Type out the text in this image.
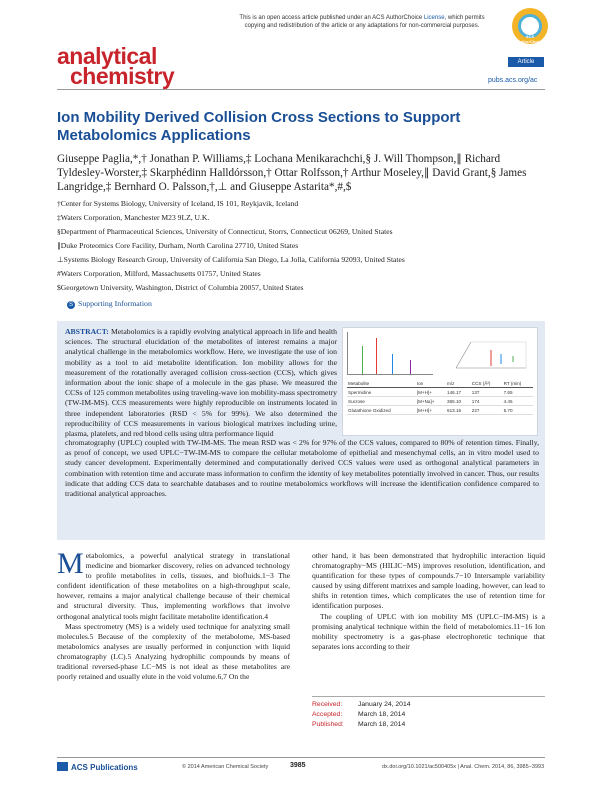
This is an open access article published under an ACS AuthorChoice License, which permits copying and redistribution of the article or any adaptations for non-commercial purposes.
ACS AuthorChoice
analytical
chemistry
Article
pubs.acs.org/ac
Ion Mobility Derived Collision Cross Sections to Support Metabolomics Applications
Giuseppe Paglia,*,† Jonathan P. Williams,‡ Lochana Menikarachchi,§ J. Will Thompson,∥ Richard Tyldesley-Worster,‡ Skarphédinn Halldórsson,† Ottar Rolfsson,† Arthur Moseley,∥ David Grant,§ James Langridge,‡ Bernhard O. Palsson,†,⊥ and Giuseppe Astarita*,#,$
†Center for Systems Biology, University of Iceland, IS 101, Reykjavik, Iceland
‡Waters Corporation, Manchester M23 9LZ, U.K.
§Department of Pharmaceutical Sciences, University of Connecticut, Storrs, Connecticut 06269, United States
∥Duke Proteomics Core Facility, Durham, North Carolina 27710, United States
⊥Systems Biology Research Group, University of California San Diego, La Jolla, California 92093, United States
#Waters Corporation, Milford, Massachusetts 01757, United States
$Georgetown University, Washington, District of Columbia 20057, United States
S Supporting Information
ABSTRACT: Metabolomics is a rapidly evolving analytical approach in life and health sciences. The structural elucidation of the metabolites of interest remains a major analytical challenge in the metabolomics workflow. Here, we investigate the use of ion mobility as a tool to aid metabolite identification. Ion mobility allows for the measurement of the rotationally averaged collision cross-section (CCS), which gives information about the ionic shape of a molecule in the gas phase. We measured the CCSs of 125 common metabolites using traveling-wave ion mobility-mass spectrometry (TW-IM-MS). CCS measurements were highly reproducible on instruments located in three independent laboratories (RSD < 5% for 99%). We also determined the reproducibility of CCS measurements in various biological matrixes including urine, plasma, platelets, and red blood cells using ultra performance liquid
Metabolite	Ion	m/z	CCS (Å²)	RT (min)
Spermidine	[M+H]+	146.17	137	7.65
Sucrose	[M+Na]+	365.10	174	4.45
Glutathione Oxidized	[M+H]+	613.16	227	5.70
chromatography (UPLC) coupled with TW-IM-MS. The mean RSD was < 2% for 97% of the CCS values, compared to 80% of retention times. Finally, as proof of concept, we used UPLC−TW-IM-MS to compare the cellular metabolome of epithelial and mesenchymal cells, an in vitro model used to study cancer development. Experimentally determined and computationally derived CCS values were used as orthogonal analytical parameters in combination with retention time and accurate mass information to confirm the identity of key metabolites potentially involved in cancer. Thus, our results indicate that adding CCS data to searchable databases and to routine metabolomics workflows will increase the identification confidence compared to traditional analytical approaches.

Metabolomics, a powerful analytical strategy in translational medicine and biomarker discovery, relies on advanced technology to profile metabolites in cells, tissues, and biofluids.1−3 The confident identification of these metabolites on a high-throughput scale, however, remains a major analytical challenge because of their chemical and structural diversity. Thus, implementing workflows that involve orthogonal analytical tools might facilitate metabolite identification.4

Mass spectrometry (MS) is a widely used technique for analyzing small molecules.5 Because of the complexity of the metabolome, MS-based metabolomics analyses are usually performed in conjunction with liquid chromatography (LC).5 Analyzing hydrophilic compounds by means of traditional reversed-phase LC−MS is not ideal as these metabolites are poorly retained and usually elute in the void volume.6,7 On the

other hand, it has been demonstrated that hydrophilic interaction liquid chromatography−MS (HILIC−MS) improves resolution, identification, and quantification for these types of compounds.7−10 Intersample variability caused by using different matrixes and sample loading, however, can lead to shifts in retention times, which complicates the use of retention time for identification purposes.

The coupling of UPLC with ion mobility MS (UPLC−IM-MS) is a promising analytical technique within the field of metabolomics.11−16 Ion mobility spectrometry is a gas-phase electrophoretic technique that separates ions according to their

Received: January 24, 2014
Accepted: March 18, 2014
Published: March 18, 2014
ACS Publications	© 2014 American Chemical Society	3985	dx.doi.org/10.1021/ac500405x | Anal. Chem. 2014, 86, 3985−3993
